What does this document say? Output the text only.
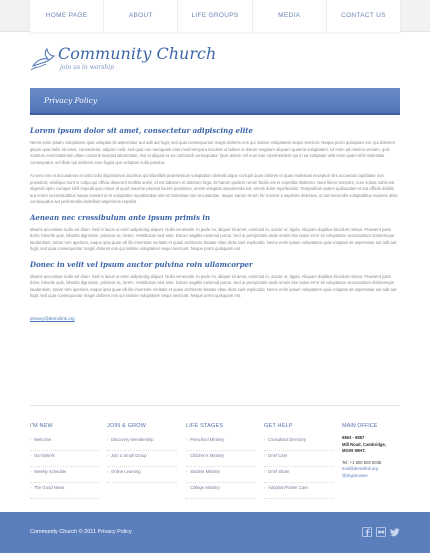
HOME PAGE	ABOUT	LIFE GROUPS	MEDIA	CONTACT US
Community Church
join us in worship
Privacy Policy
Lorem ipsum dolor sit amet, consectetur adipiscing elite

Nemo enim ipsam voluptatem quia voluptas sit aspernatur aut odit aut fugit, sed quia consequuntur magni dolores eos qui ratione voluptatem sequi nesciunt. Neque porro quisquam est, qui dolorem ipsum quia dolor sit amet, consectetur, adipisci velit, sed quia non numquam eius modi tempora incidunt ut labore et dolore magnam aliquam quaerat voluptatem. Ut enim ad minima veniam, quis nostrum exercitationem ullam corporis suscipit laboriosam, nisi ut aliquid ex ea commodi consequatur. Quis autem vel eum iure reprehenderit qui in ea voluptate velit esse quam nihil molestiae consequatur, vel illum qui dolorem eum fugiat quo voluptas nulla pariatur.

At vero eos et accusamus et iusto odio dignissimos ducimus qui blanditiis praesentium voluptatum deleniti atque corrupti quos dolores et quas molestias excepturi sint occaecati cupiditate non provident, similique sunt in culpa qui officia deserunt mollitia animi, id est laborum et dolorum fuga. Et harum quidem rerum facilis est et expedita distinctio. Nam libero tempore, cum soluta nobis est eligendi optio cumque nihil impedit quo minus id quod maxime placeat facere possimus, omnis voluptas assumenda est, omnis dolor repellendus. Temporibus autem quibusdam et aut officiis debitis aut rerum necessitatibus saepe eveniet ut et voluptates repudiandae sint et molestiae non recusandae. Itaque earum rerum hic tenetur a sapiente delectus, ut aut reiciendis voluptatibus maiores alias consequatur aut perferendis doloribus asperiores repellat.

Aenean nec crossibulum ante ipsum primis in

Mauris accumsan nulla vel diam. Sed in lacus ut enim adipiscing aliquet. Nulla venenatis. In pede mi, aliquet sit amet, euismod in, auctor ut, ligula. Aliquam dapibus tincidunt metus. Praesent justo dolor, lobortis quis, lobortis dignissim, pulvinar ac, lorem. Vestibulum sed ante. Donec sagittis euismod purus. Sed ut perspiciatis unde omnis iste natus error sit voluptatem accusantium doloremque laudantium, totam rem aperiam, eaque ipsa quae ab illo inventore veritatis et quasi architecto beatae vitae dicta sunt explicabo. Nemo enim ipsam voluptatem quia voluptas sit aspernatur aut odit aut fugit, sed quia consequuntur magni dolores eos qui ratione voluptatem sequi nesciunt. Neque porro quisquam est.

Donec in velit vel ipsum auctor pulvina roin ullamcorper

Mauris accumsan nulla vel diam. Sed in lacus ut enim adipiscing aliquet. Nulla venenatis. In pede mi, aliquet sit amet, euismod in, auctor ut, ligula. Aliquam dapibus tincidunt metus. Praesent justo dolor, lobortis quis, lobortis dignissim, pulvinar ac, lorem. Vestibulum sed ante. Donec sagittis euismod purus. Sed ut perspiciatis unde omnis iste natus error sit voluptatem accusantium doloremque laudantium, totam rem aperiam, eaque ipsa quae ab illo inventore veritatis et quasi architecto beatae vitae dicta sunt explicabo. Nemo enim ipsam voluptatem quia voluptas sit aspernatur aut odit aut fugit, sed quia consequuntur magni dolores eos qui ratione voluptatem sequi nesciunt. Neque porro quisquam est.

privacy@demolink.org
I'M NEW
› Welcome
› Our Beliefs
› Weekly Schedule
› The Good News
JOIN & GROW
› Discovery Membership
› Join a Small Group
› Online Learning
LIFE STAGES
› Preschool Ministry
› Children's Ministry
› Student Ministry
› College Ministry
GET HELP
› Consultant Directory
› Grief Care
› Grief Share
› Adoption/Foster Care
MAIN OFFICE
9863 - 9867
Mill Road, Cambridge,
MG09 99HT.
Tel: +1 800 603 6035
mail@demolink.org
@skypename
Community Church © 2011 Privacy Policy
